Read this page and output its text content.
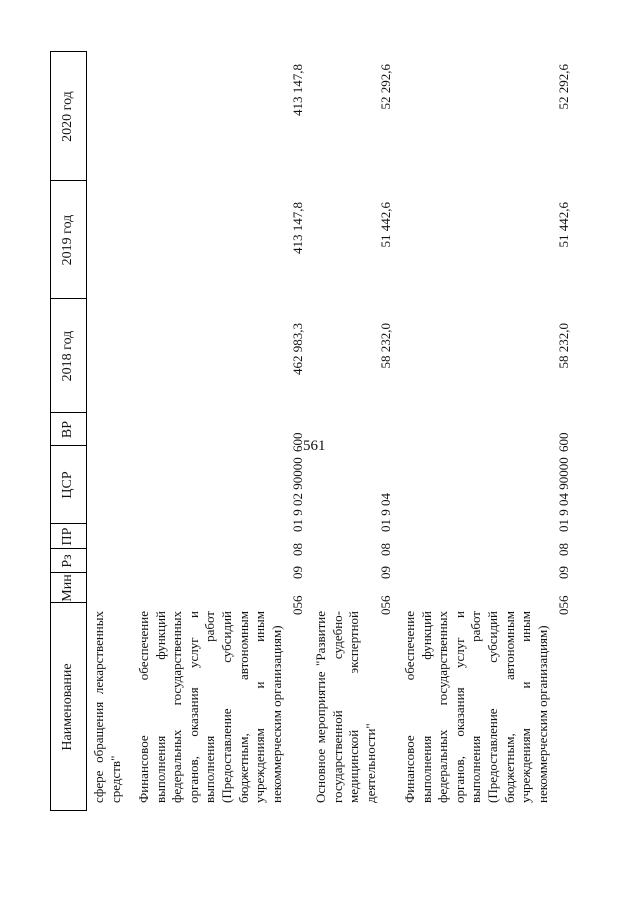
561
Наименование
Мин
Рз
ПР
ЦСР
ВР
2018 год
2019 год
2020 год
сфере обращения лекарственных средств" Финансовое обеспечение выполнения функций федеральных государственных органов, оказания услуг и выполнения работ (Предоставление субсидий бюджетным, автономным учреждениям и иным некоммерческим организациям)
056
09
08
01 9 02 90000
600
462 983,3
413 147,8
413 147,8
Основное мероприятие "Развитие государственной судебно-медицинской экспертной деятельности"
056
09
08
01 9 04
58 232,0
51 442,6
52 292,6
Финансовое обеспечение выполнения функций федеральных государственных органов, оказания услуг и выполнения работ (Предоставление субсидий бюджетным, автономным учреждениям и иным некоммерческим организациям)
056
09
08
01 9 04 90000
600
58 232,0
51 442,6
52 292,6
